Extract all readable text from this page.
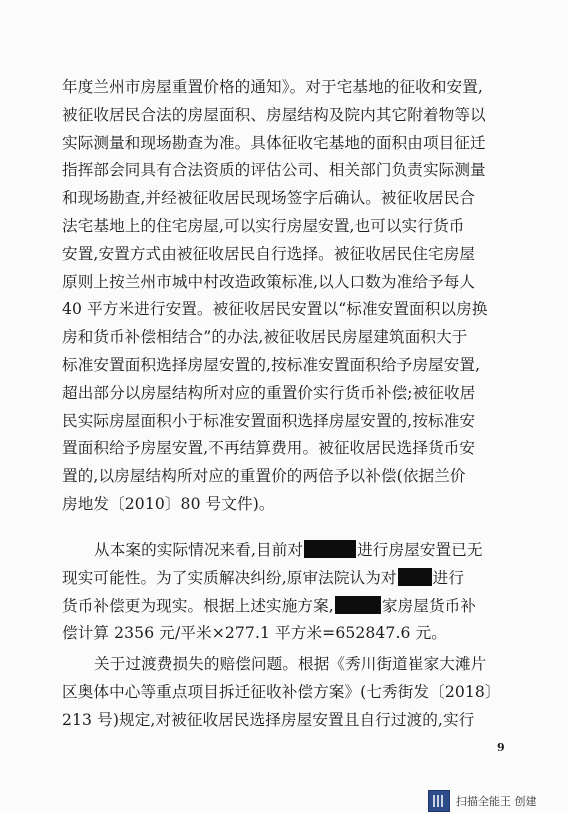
年度兰州市房屋重置价格的通知》。对于宅基地的征收和安置,
被征收居民合法的房屋面积、房屋结构及院内其它附着物等以
实际测量和现场勘查为准。具体征收宅基地的面积由项目征迁
指挥部会同具有合法资质的评估公司、相关部门负责实际测量
和现场勘查,并经被征收居民现场签字后确认。被征收居民合
法宅基地上的住宅房屋,可以实行房屋安置,也可以实行货币
安置,安置方式由被征收居民自行选择。被征收居民住宅房屋
原则上按兰州市城中村改造政策标准,以人口数为准给予每人
40 平方米进行安置。被征收居民安置以“标准安置面积以房换
房和货币补偿相结合”的办法,被征收居民房屋建筑面积大于
标准安置面积选择房屋安置的,按标准安置面积给予房屋安置,
超出部分以房屋结构所对应的重置价实行货币补偿;被征收居
民实际房屋面积小于标准安置面积选择房屋安置的,按标准安
置面积给予房屋安置,不再结算费用。被征收居民选择货币安
置的,以房屋结构所对应的重置价的两倍予以补偿(依据兰价
房地发〔2010〕80 号文件)。
从本案的实际情况来看,目前对	进行房屋安置已无
现实可能性。为了实质解决纠纷,原审法院认为对 进行
货币补偿更为现实。根据上述实施方案,	家房屋货币补
偿计算 2356 元/平米×277.1 平方米=652847.6 元。
关于过渡费损失的赔偿问题。根据《秀川街道崔家大滩片
区奥体中心等重点项目拆迁征收补偿方案》(七秀街发〔2018〕
213 号)规定,对被征收居民选择房屋安置且自行过渡的,实行
9
扫描全能王 创建
